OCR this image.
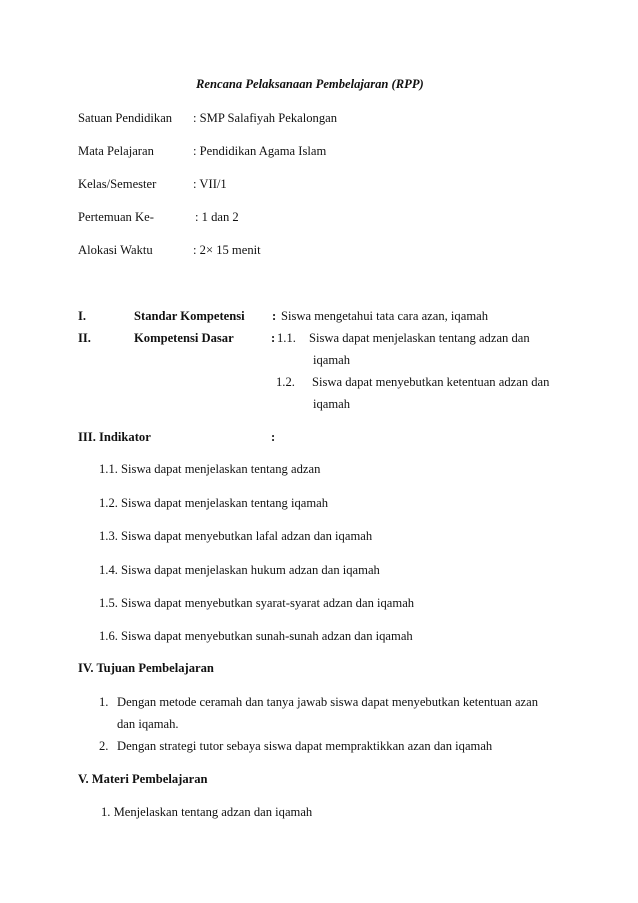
Rencana Pelaksanaan Pembelajaran (RPP)
Satuan Pendidikan : SMP Salafiyah Pekalongan
Mata Pelajaran	: Pendidikan Agama Islam
Kelas/Semester	: VII/1
Pertemuan Ke-	: 1 dan 2
Alokasi Waktu	: 2× 15 menit
I.	Standar Kompetensi : Siswa mengetahui tata cara azan, iqamah
II.	Kompetensi Dasar	: 1.1. Siswa dapat menjelaskan tentang adzan dan
iqamah
1.2. Siswa dapat menyebutkan ketentuan adzan dan
iqamah
III. Indikator	:
1.1. Siswa dapat menjelaskan tentang adzan
1.2. Siswa dapat menjelaskan tentang iqamah
1.3. Siswa dapat menyebutkan lafal adzan dan iqamah
1.4. Siswa dapat menjelaskan hukum adzan dan iqamah
1.5. Siswa dapat menyebutkan syarat-syarat adzan dan iqamah
1.6. Siswa dapat menyebutkan sunah-sunah adzan dan iqamah
IV. Tujuan Pembelajaran
1. Dengan metode ceramah dan tanya jawab siswa dapat menyebutkan ketentuan azan
dan iqamah.
2. Dengan strategi tutor sebaya siswa dapat mempraktikkan azan dan iqamah
V. Materi Pembelajaran
1. Menjelaskan tentang adzan dan iqamah
